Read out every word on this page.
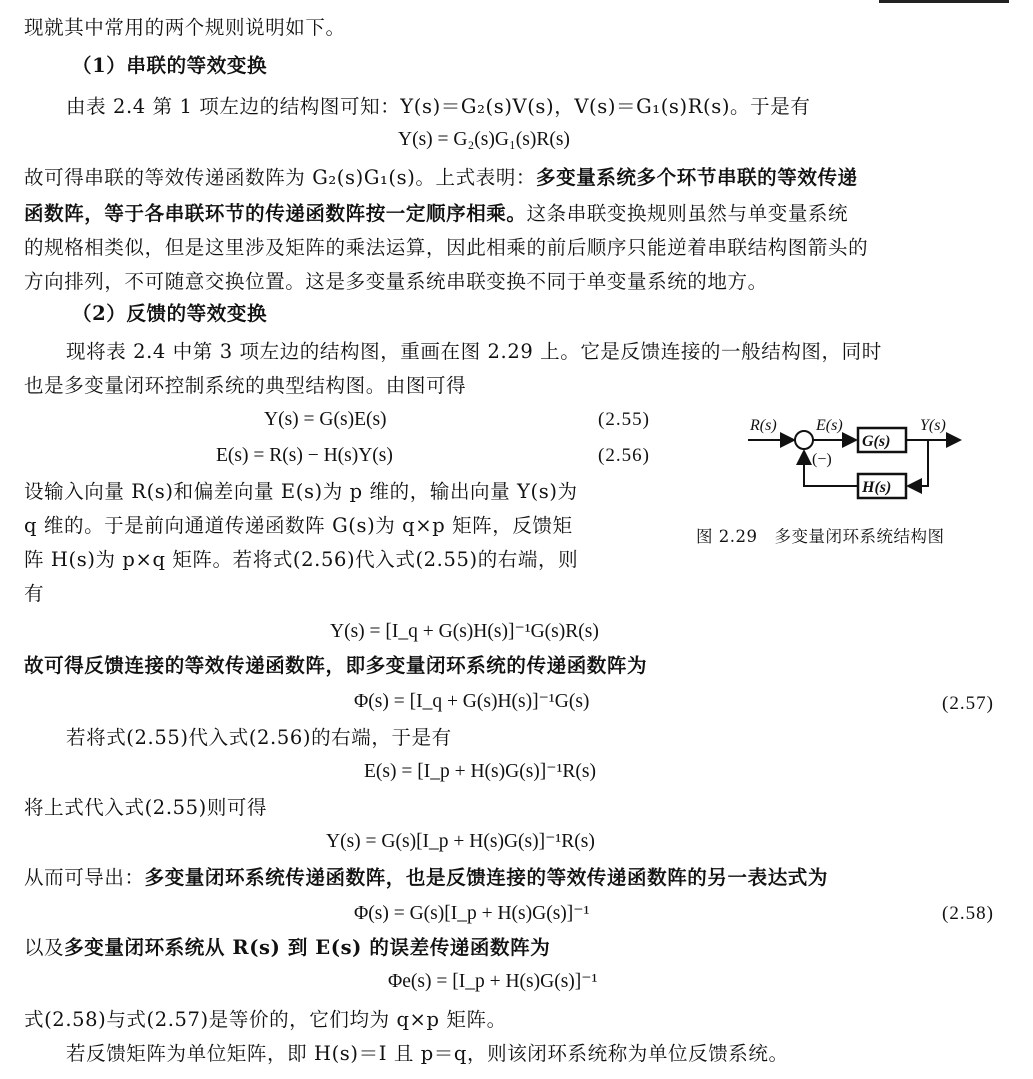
现就其中常用的两个规则说明如下。
（1）串联的等效变换
由表 2.4 第 1 项左边的结构图可知：Y(s)＝G₂(s)V(s)，V(s)＝G₁(s)R(s)。于是有
Y(s) = G₂(s)G₁(s)R(s)
故可得串联的等效传递函数阵为 G₂(s)G₁(s)。上式表明：多变量系统多个环节串联的等效传递
函数阵，等于各串联环节的传递函数阵按一定顺序相乘。这条串联变换规则虽然与单变量系统
的规格相类似，但是这里涉及矩阵的乘法运算，因此相乘的前后顺序只能逆着串联结构图箭头的
方向排列，不可随意交换位置。这是多变量系统串联变换不同于单变量系统的地方。
（2）反馈的等效变换
现将表 2.4 中第 3 项左边的结构图，重画在图 2.29 上。它是反馈连接的一般结构图，同时
也是多变量闭环控制系统的典型结构图。由图可得
Y(s) = G(s)E(s)	(2.55)
E(s) = R(s) − H(s)Y(s)	(2.56)
设输入向量 R(s)和偏差向量 E(s)为 p 维的，输出向量 Y(s)为
q 维的。于是前向通道传递函数阵 G(s)为 q×p 矩阵，反馈矩
阵 H(s)为 p×q 矩阵。若将式(2.56)代入式(2.55)的右端，则
有
R(s) E(s)
G(s)
Y(s)
H(s)
(−)
图 2.29　多变量闭环系统结构图
Y(s) = [I_q + G(s)H(s)]⁻¹G(s)R(s)
故可得反馈连接的等效传递函数阵，即多变量闭环系统的传递函数阵为
Φ(s) = [I_q + G(s)H(s)]⁻¹G(s)	(2.57)
若将式(2.55)代入式(2.56)的右端，于是有
E(s) = [I_p + H(s)G(s)]⁻¹R(s)
将上式代入式(2.55)则可得
Y(s) = G(s)[I_p + H(s)G(s)]⁻¹R(s)
从而可导出：多变量闭环系统传递函数阵，也是反馈连接的等效传递函数阵的另一表达式为
Φ(s) = G(s)[I_p + H(s)G(s)]⁻¹	(2.58)
以及多变量闭环系统从 R(s) 到 E(s) 的误差传递函数阵为
Φe(s) = [I_p + H(s)G(s)]⁻¹
式(2.58)与式(2.57)是等价的，它们均为 q×p 矩阵。
若反馈矩阵为单位矩阵，即 H(s)＝I 且 p＝q，则该闭环系统称为单位反馈系统。
